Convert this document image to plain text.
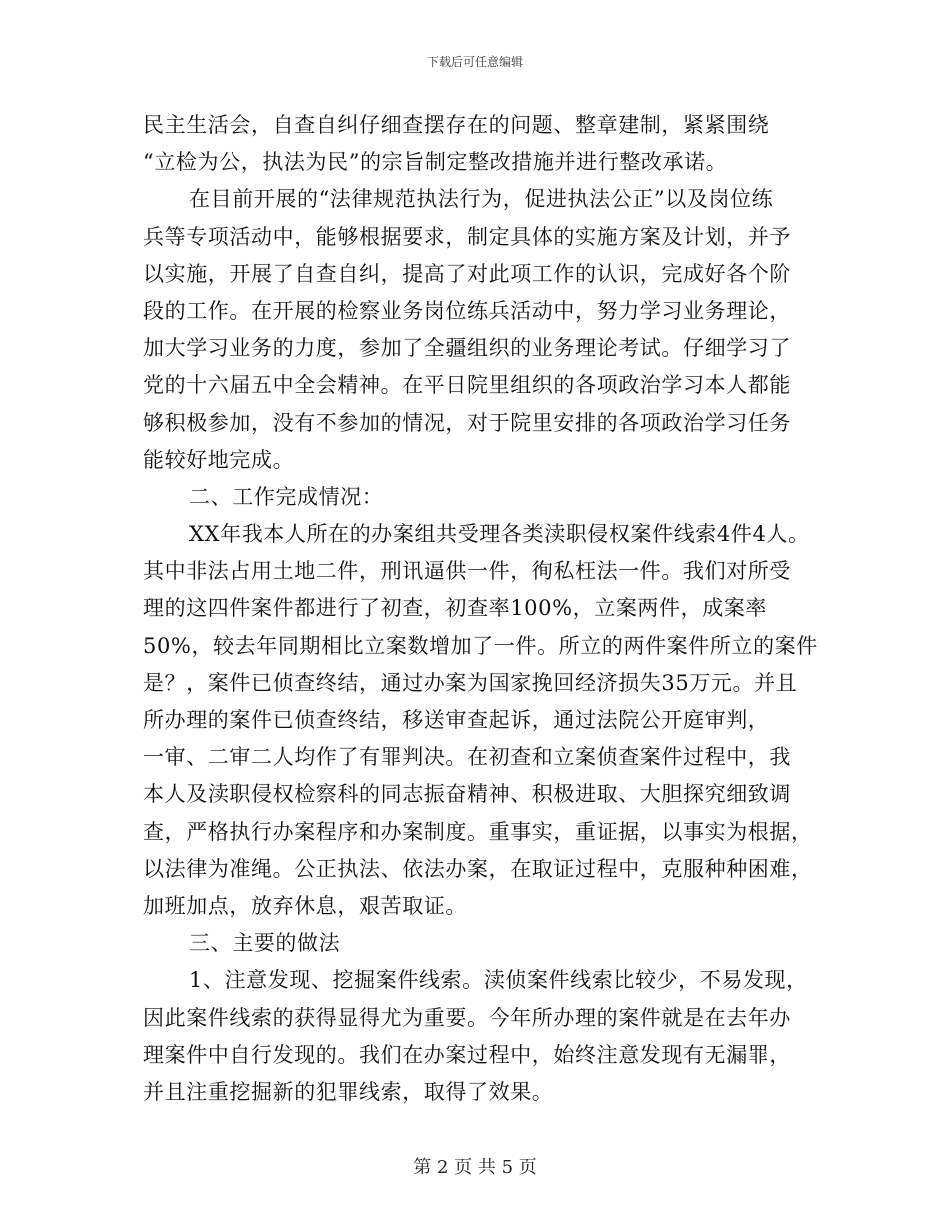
下载后可任意编辑
民主生活会，自查自纠仔细查摆存在的问题、整章建制，紧紧围绕
“立检为公，执法为民”的宗旨制定整改措施并进行整改承诺。
在目前开展的“法律规范执法行为，促进执法公正”以及岗位练
兵等专项活动中，能够根据要求，制定具体的实施方案及计划，并予
以实施，开展了自查自纠，提高了对此项工作的认识，完成好各个阶
段的工作。在开展的检察业务岗位练兵活动中，努力学习业务理论，
加大学习业务的力度，参加了全疆组织的业务理论考试。仔细学习了
党的十六届五中全会精神。在平日院里组织的各项政治学习本人都能
够积极参加，没有不参加的情况，对于院里安排的各项政治学习任务
能较好地完成。
二、工作完成情况：
XX年我本人所在的办案组共受理各类渎职侵权案件线索4件4人。
其中非法占用土地二件，刑讯逼供一件，徇私枉法一件。我们对所受
理的这四件案件都进行了初查，初查率100%，立案两件，成案率
50%，较去年同期相比立案数增加了一件。所立的两件案件所立的案件
是？，案件已侦查终结，通过办案为国家挽回经济损失35万元。并且
所办理的案件已侦查终结，移送审查起诉，通过法院公开庭审判，
一审、二审二人均作了有罪判决。在初查和立案侦查案件过程中，我
本人及渎职侵权检察科的同志振奋精神、积极进取、大胆探究细致调
查，严格执行办案程序和办案制度。重事实，重证据，以事实为根据，
以法律为准绳。公正执法、依法办案，在取证过程中，克服种种困难，
加班加点，放弃休息，艰苦取证。
三、主要的做法
1、注意发现、挖掘案件线索。渎侦案件线索比较少，不易发现，
因此案件线索的获得显得尤为重要。今年所办理的案件就是在去年办
理案件中自行发现的。我们在办案过程中，始终注意发现有无漏罪，
并且注重挖掘新的犯罪线索，取得了效果。
第 2 页 共 5 页
